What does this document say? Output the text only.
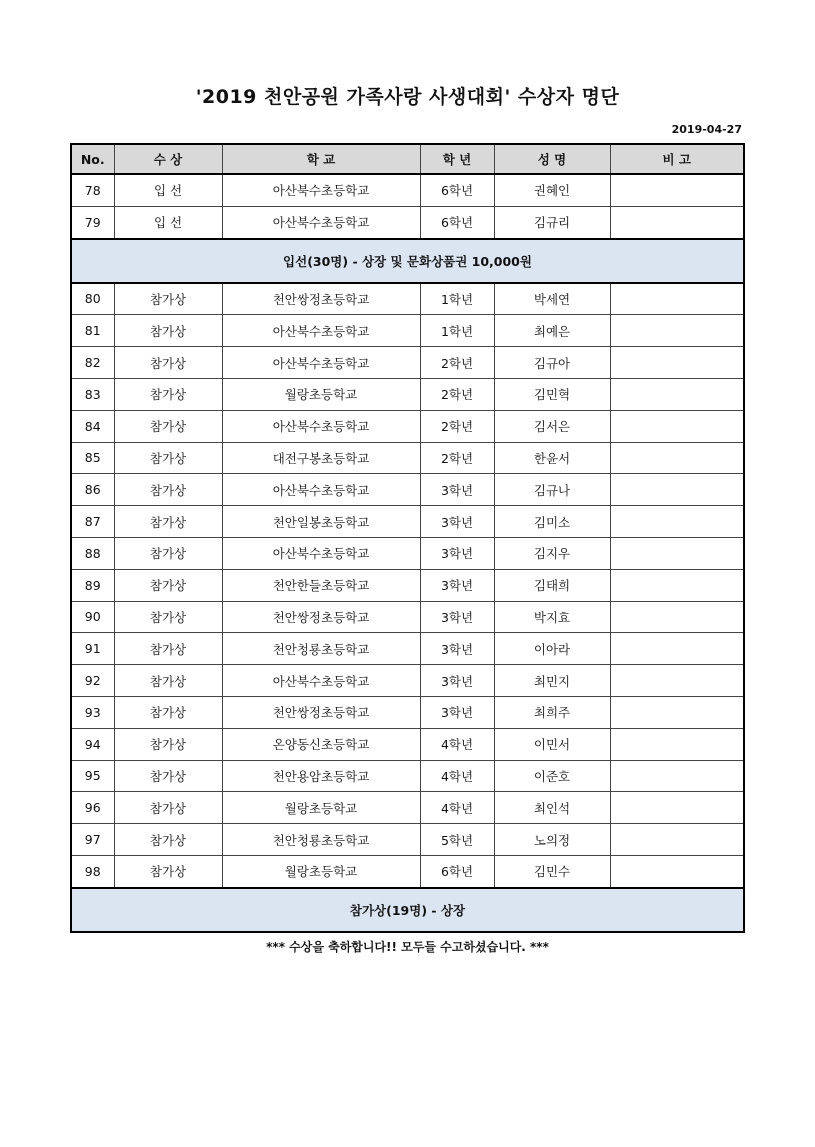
'2019 천안공원 가족사랑 사생대회' 수상자 명단
2019-04-27
No.	수 상	학 교	학 년	성 명	비 고
78	입 선	아산북수초등학교	6학년	권혜인	
79	입 선	아산북수초등학교	6학년	김규리	
입선(30명) - 상장 및 문화상품권 10,000원					
80	참가상	천안쌍정초등학교	1학년	박세연	
81	참가상	아산북수초등학교	1학년	최예은	
82	참가상	아산북수초등학교	2학년	김규아	
83	참가상	월랑초등학교	2학년	김민혁	
84	참가상	아산북수초등학교	2학년	김서은	
85	참가상	대전구봉초등학교	2학년	한윤서	
86	참가상	아산북수초등학교	3학년	김규나	
87	참가상	천안일봉초등학교	3학년	김미소	
88	참가상	아산북수초등학교	3학년	김지우	
89	참가상	천안한들초등학교	3학년	김태희	
90	참가상	천안쌍정초등학교	3학년	박지효	
91	참가상	천안청룡초등학교	3학년	이아라	
92	참가상	아산북수초등학교	3학년	최민지	
93	참가상	천안쌍정초등학교	3학년	최희주	
94	참가상	온양동신초등학교	4학년	이민서	
95	참가상	천안용암초등학교	4학년	이준호	
96	참가상	월랑초등학교	4학년	최인석	
97	참가상	천안청룡초등학교	5학년	노의정	
98	참가상	월랑초등학교	6학년	김민수	
참가상(19명) - 상장					
*** 수상을 축하합니다!! 모두들 수고하셨습니다. ***
